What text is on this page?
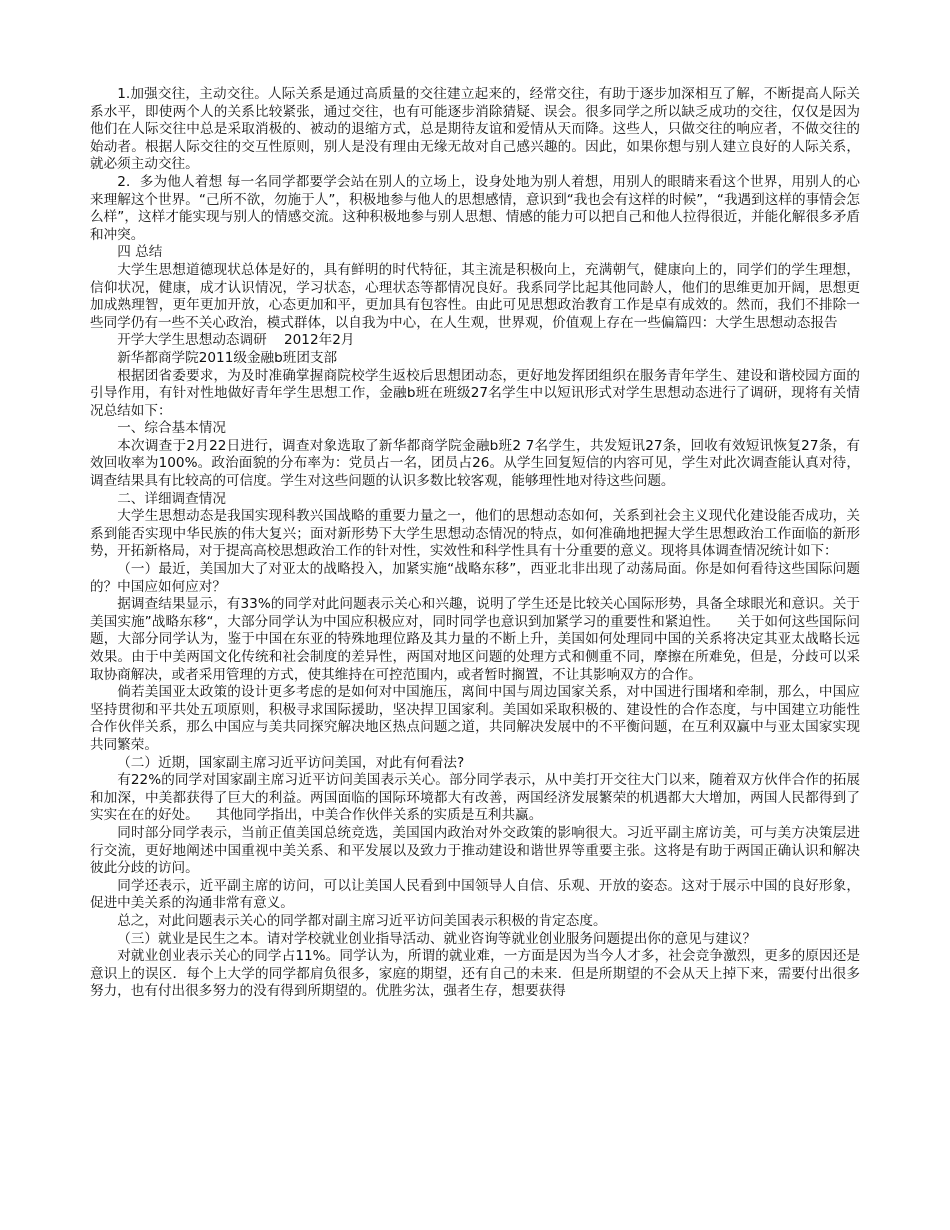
1.加强交往，主动交往。人际关系是通过高质量的交往建立起来的，经常交往，有助于逐步加深相互了解，不断提高人际关系水平，即使两个人的关系比较紧张，通过交往，也有可能逐步消除猜疑、误会。很多同学之所以缺乏成功的交往，仅仅是因为他们在人际交往中总是采取消极的、被动的退缩方式，总是期待友谊和爱情从天而降。这些人，只做交往的响应者，不做交往的始动者。根据人际交往的交互性原则，别人是没有理由无缘无故对自己感兴趣的。因此，如果你想与别人建立良好的人际关系，就必须主动交往。

2．多为他人着想 每一名同学都要学会站在别人的立场上，设身处地为别人着想，用别人的眼睛来看这个世界，用别人的心来理解这个世界。“己所不欲，勿施于人”，积极地参与他人的思想感情，意识到“我也会有这样的时候”，“我遇到这样的事情会怎么样”，这样才能实现与别人的情感交流。这种积极地参与别人思想、情感的能力可以把自己和他人拉得很近，并能化解很多矛盾和冲突。

四 总结

大学生思想道德现状总体是好的，具有鲜明的时代特征，其主流是积极向上，充满朝气，健康向上的，同学们的学生理想，信仰状况，健康，成才认识情况，学习状态，心理状态等都情况良好。我系同学比起其他同龄人，他们的思维更加开阔，思想更加成熟理智，更年更加开放，心态更加和平，更加具有包容性。由此可见思想政治教育工作是卓有成效的。然而，我们不排除一些同学仍有一些不关心政治，模式群体，以自我为中心，在人生观，世界观，价值观上存在一些偏篇四：大学生思想动态报告

开学大学生思想动态调研    2012年2月

新华都商学院2011级金融b班团支部

根据团省委要求，为及时准确掌握商院校学生返校后思想团动态，更好地发挥团组织在服务青年学生、建设和谐校园方面的引导作用，有针对性地做好青年学生思想工作，金融b班在班级27名学生中以短讯形式对学生思想动态进行了调研，现将有关情况总结如下：

一、综合基本情况

本次调查于2月22日进行，调查对象选取了新华都商学院金融b班2 7名学生，共发短讯27条，回收有效短讯恢复27条，有效回收率为100%。政治面貌的分布率为：党员占一名，团员占26。从学生回复短信的内容可见，学生对此次调查能认真对待，调查结果具有比较高的可信度。学生对这些问题的认识多数比较客观，能够理性地对待这些问题。

二、详细调查情况

大学生思想动态是我国实现科教兴国战略的重要力量之一，他们的思想动态如何，关系到社会主义现代化建设能否成功，关系到能否实现中华民族的伟大复兴；面对新形势下大学生思想动态情况的特点，如何准确地把握大学生思想政治工作面临的新形势，开拓新格局，对于提高高校思想政治工作的针对性，实效性和科学性具有十分重要的意义。现将具体调查情况统计如下：

（一）最近，美国加大了对亚太的战略投入，加紧实施“战略东移”，西亚北非出现了动荡局面。你是如何看待这些国际问题的？中国应如何应对？

据调查结果显示，有33%的同学对此问题表示关心和兴趣，说明了学生还是比较关心国际形势，具备全球眼光和意识。关于美国实施”战略东移“，大部分同学认为中国应积极应对，同时同学也意识到加紧学习的重要性和紧迫性。    关于如何这些国际问题，大部分同学认为，鉴于中国在东亚的特殊地理位路及其力量的不断上升，美国如何处理同中国的关系将决定其亚太战略长远效果。由于中美两国文化传统和社会制度的差异性，两国对地区问题的处理方式和侧重不同，摩擦在所难免，但是，分歧可以采取协商解决，或者采用管理的方式，使其维持在可控范围内，或者暂时搁置，不让其影响双方的合作。

倘若美国亚太政策的设计更多考虑的是如何对中国施压，离间中国与周边国家关系，对中国进行围堵和牵制，那么，中国应坚持贯彻和平共处五项原则，积极寻求国际援助，坚决捍卫国家利。美国如采取积极的、建设性的合作态度，与中国建立功能性合作伙伴关系，那么中国应与美共同探究解决地区热点问题之道，共同解决发展中的不平衡问题，在互利双赢中与亚太国家实现共同繁荣。

（二）近期，国家副主席习近平访问美国，对此有何看法?

有22%的同学对国家副主席习近平访问美国表示关心。部分同学表示，从中美打开交往大门以来，随着双方伙伴合作的拓展和加深，中美都获得了巨大的利益。两国面临的国际环境都大有改善，两国经济发展繁荣的机遇都大大增加，两国人民都得到了实实在在的好处。    其他同学指出，中美合作伙伴关系的实质是互利共赢。

同时部分同学表示，当前正值美国总统竞选，美国国内政治对外交政策的影响很大。习近平副主席访美，可与美方决策层进行交流，更好地阐述中国重视中美关系、和平发展以及致力于推动建设和谐世界等重要主张。这将是有助于两国正确认识和解决彼此分歧的访问。

同学还表示，近平副主席的访问，可以让美国人民看到中国领导人自信、乐观、开放的姿态。这对于展示中国的良好形象，促进中美关系的沟通非常有意义。

总之，对此问题表示关心的同学都对副主席习近平访问美国表示积极的肯定态度。

（三）就业是民生之本。请对学校就业创业指导活动、就业咨询等就业创业服务问题提出你的意见与建议？

对就业创业表示关心的同学占11%。同学认为，所谓的就业难，一方面是因为当今人才多，社会竞争激烈，更多的原因还是意识上的误区．每个上大学的同学都肩负很多，家庭的期望，还有自己的未来．但是所期望的不会从天上掉下来，需要付出很多努力，也有付出很多努力的没有得到所期望的。优胜劣汰，强者生存，想要获得
